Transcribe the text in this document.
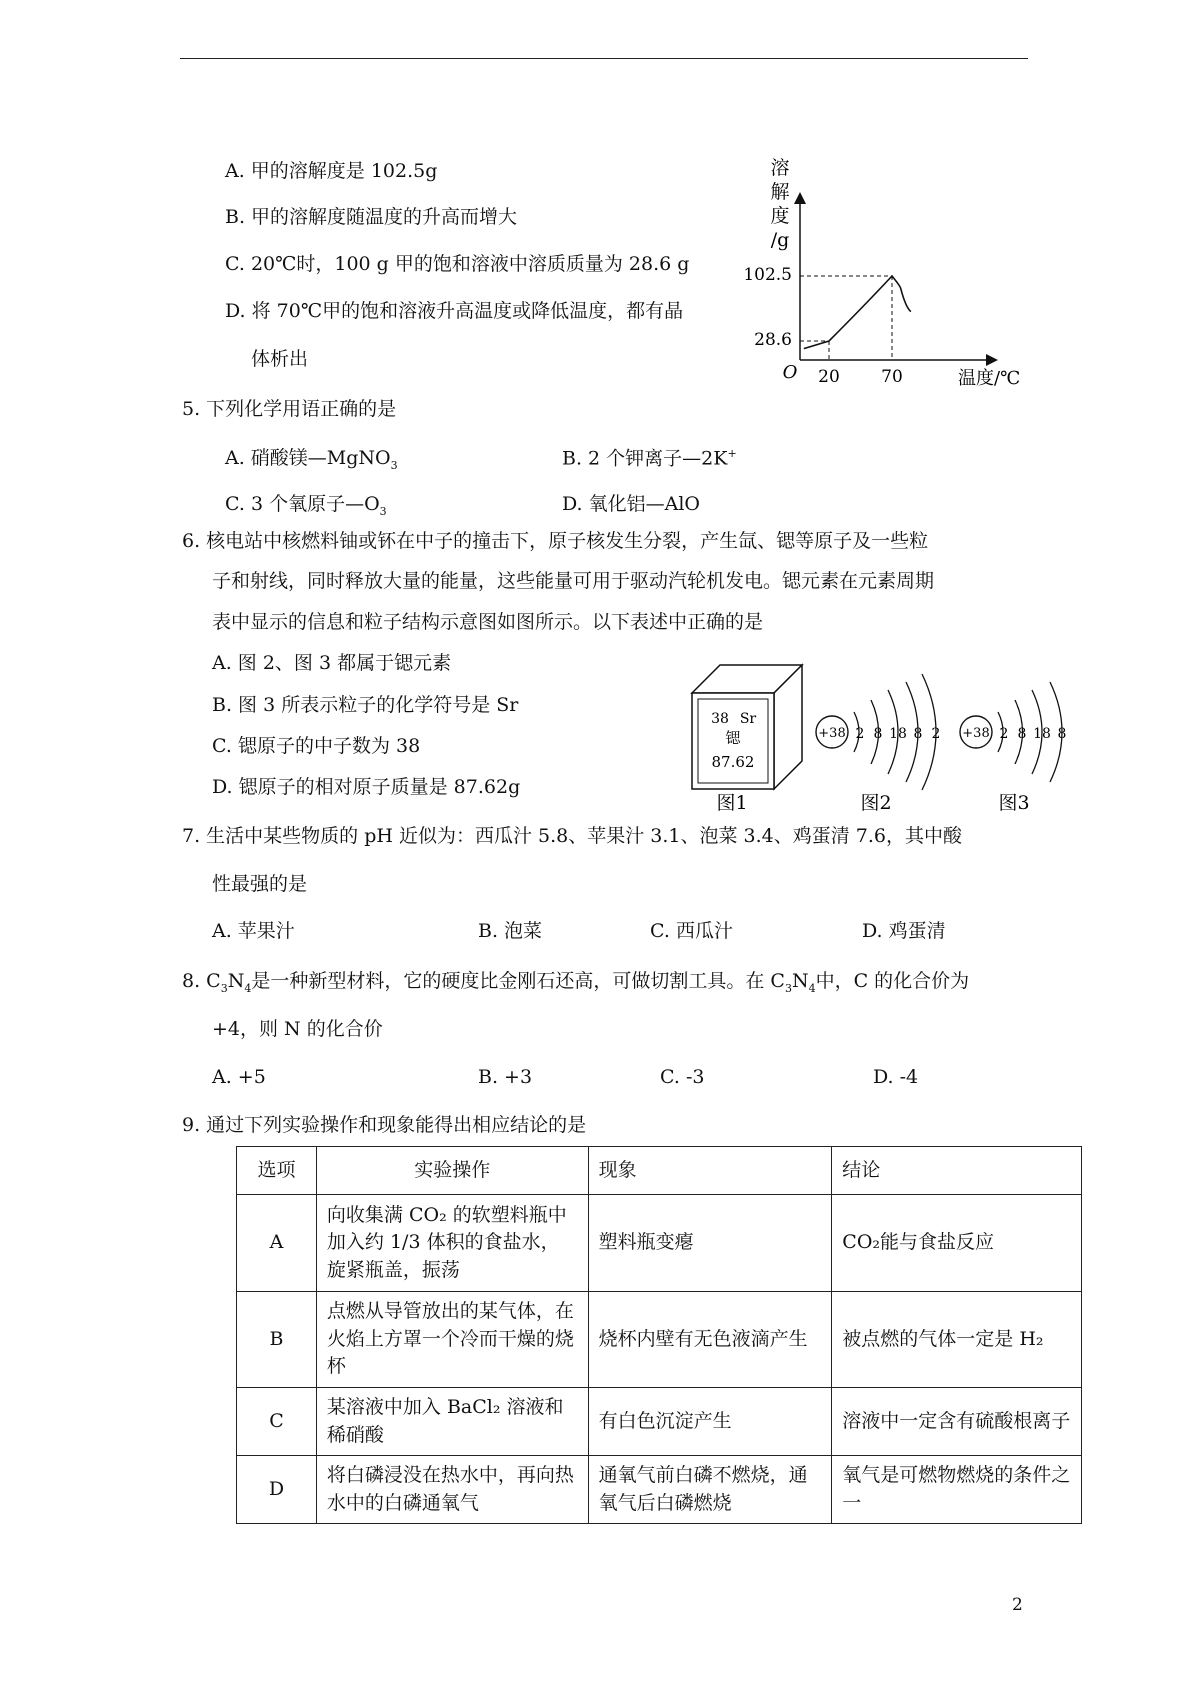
A. 甲的溶解度是 102.5g
B. 甲的溶解度随温度的升高而增大
C. 20℃时，100 g 甲的饱和溶液中溶质质量为 28.6 g
D. 将 70℃甲的饱和溶液升高温度或降低温度，都有晶
体析出
溶
解
度
/g
102.5
28.6
O 20 70	温度/℃
5. 下列化学用语正确的是
A. 硝酸镁—MgNO$_3$	B. 2 个钾离子—2K+
C. 3 个氧原子$—O_3$	D. 氧化铝—AlO
6. 核电站中核燃料铀或钚在中子的撞击下，原子核发生分裂，产生氙、锶等原子及一些粒
子和射线，同时释放大量的能量，这些能量可用于驱动汽轮机发电。锶元素在元素周期
表中显示的信息和粒子结构示意图如图所示。以下表述中正确的是
A. 图 2、图 3 都属于锶元素
B. 图 3 所表示粒子的化学符号是 Sr
C. 锶原子的中子数为 38
D. 锶原子的相对原子质量是 87.62g
38 Sr
锶
87.62
图1
+38 2 8 18 8 2
图2
+38 2 8 18 8
图3
7. 生活中某些物质的 pH 近似为：西瓜汁 5.8、苹果汁 3.1、泡菜 3.4、鸡蛋清 7.6，其中酸
性最强的是
A. 苹果汁	B. 泡菜	C. 西瓜汁	D. 鸡蛋清
8. $C_3N_4$是一种新型材料，它的硬度比金刚石还高，可做切割工具。在 $C_3N_4$中，C 的化合价为
+4，则 N 的化合价
A. +5	B. +3	C. -3	D. -4
9. 通过下列实验操作和现象能得出相应结论的是
选项	实验操作	现象	结论
A	向收集满 CO₂ 的软塑料瓶中加入约 1/3 体积的食盐水，旋紧瓶盖，振荡	塑料瓶变瘪	CO₂能与食盐反应
B	点燃从导管放出的某气体，在火焰上方罩一个冷而干燥的烧杯	烧杯内壁有无色液滴产生	被点燃的气体一定是 H₂
C	某溶液中加入 BaCl₂ 溶液和稀硝酸	有白色沉淀产生	溶液中一定含有硫酸根离子
D	将白磷浸没在热水中，再向热水中的白磷通氧气	通氧气前白磷不燃烧，通氧气后白磷燃烧	氧气是可燃物燃烧的条件之一
2
